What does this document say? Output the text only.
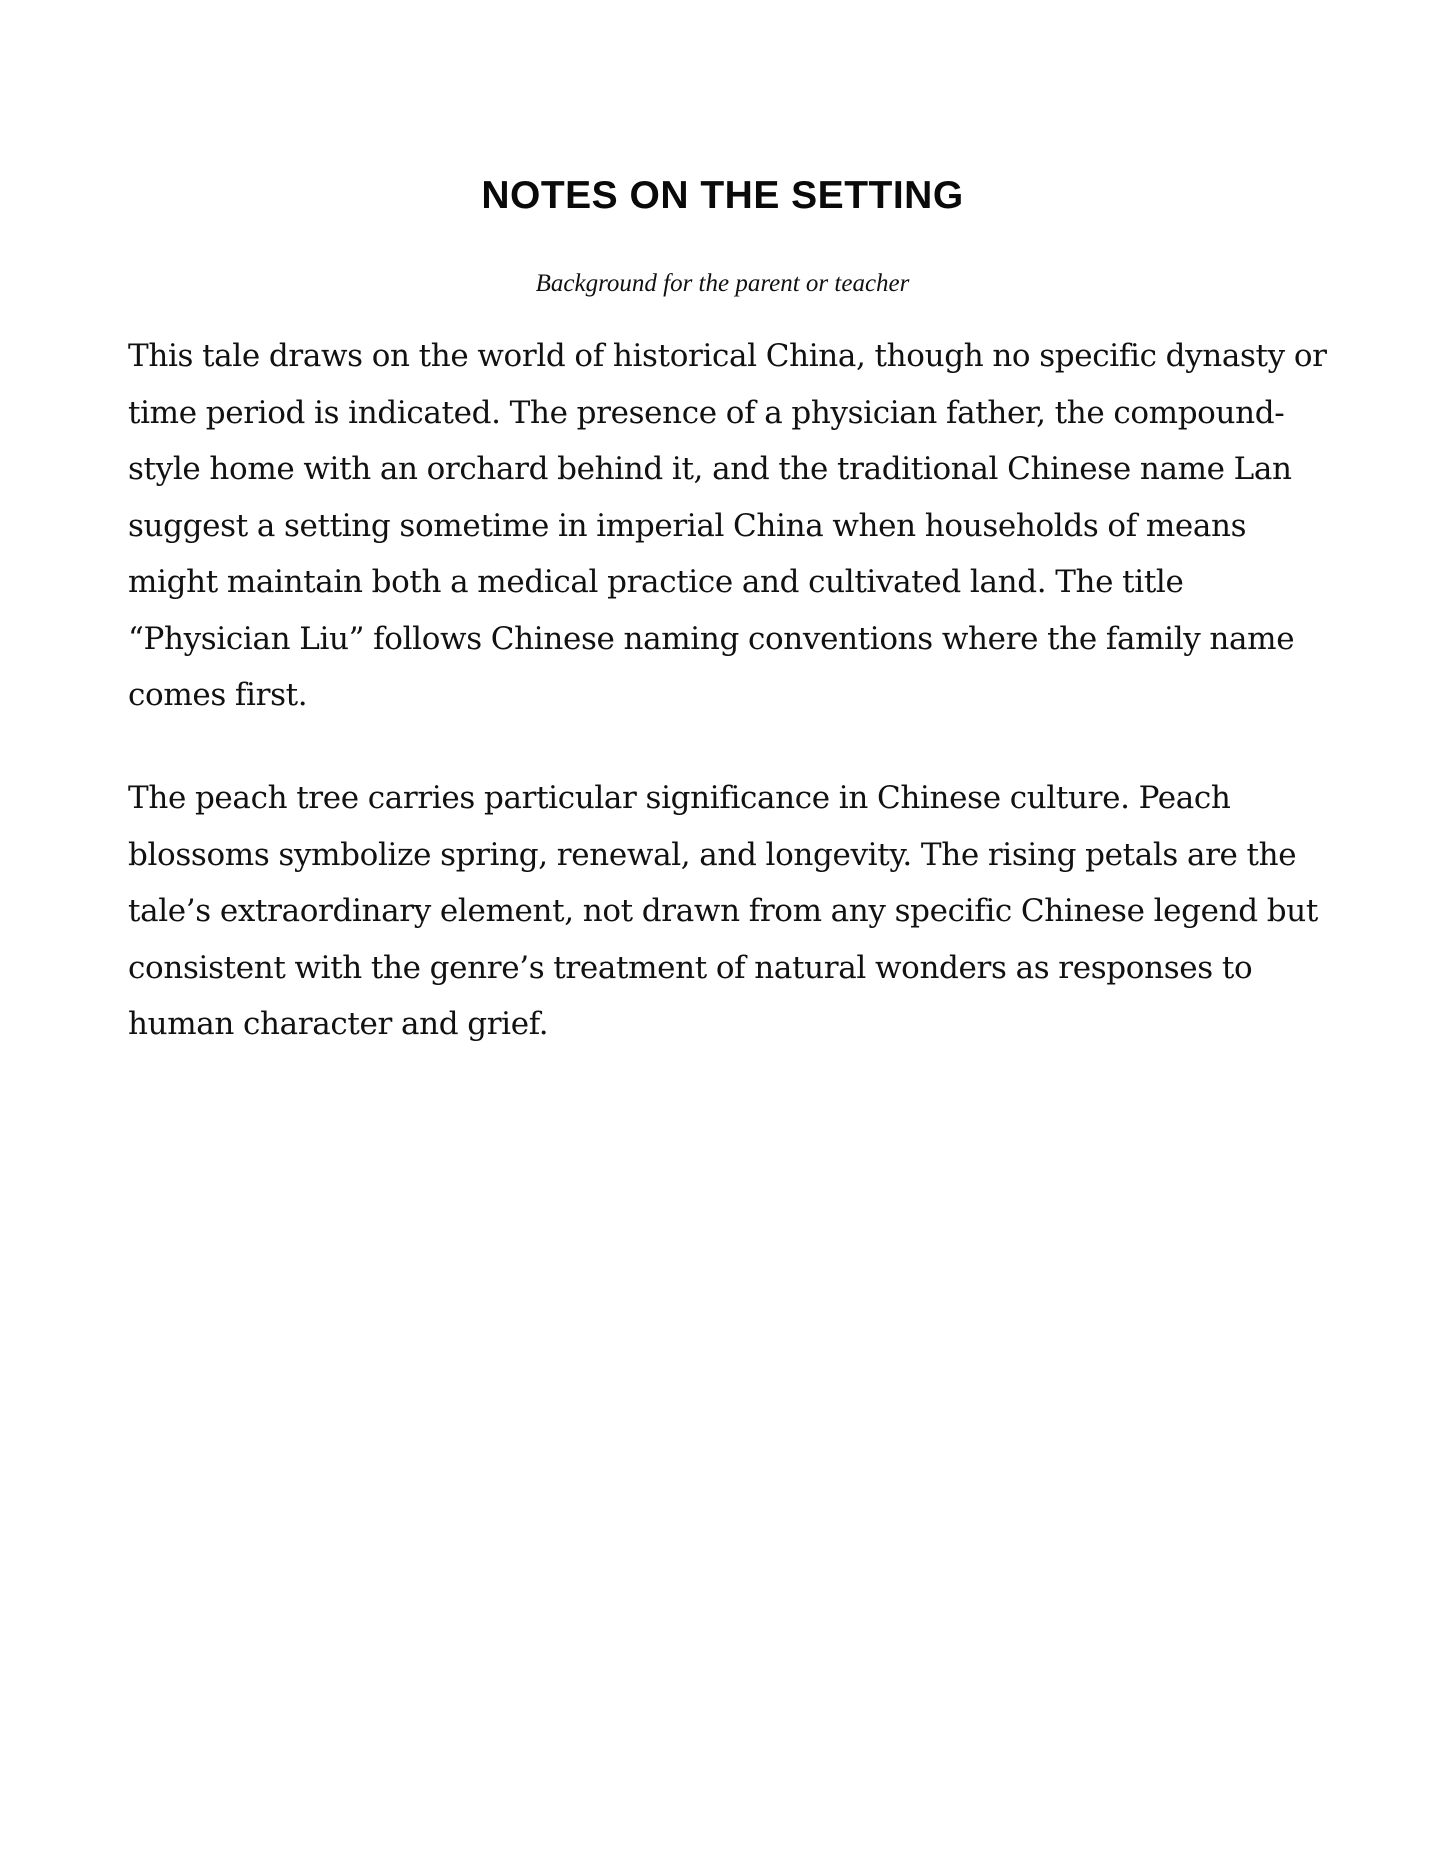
NOTES ON THE SETTING

Background for the parent or teacher

This tale draws on the world of historical China, though no specific dynasty or time period is indicated. The presence of a physician father, the compound-style home with an orchard behind it, and the traditional Chinese name Lan suggest a setting sometime in imperial China when households of means might maintain both a medical practice and cultivated land. The title “Physician Liu” follows Chinese naming conventions where the family name comes first.

The peach tree carries particular significance in Chinese culture. Peach blossoms symbolize spring, renewal, and longevity. The rising petals are the tale’s extraordinary element, not drawn from any specific Chinese legend but consistent with the genre’s treatment of natural wonders as responses to human character and grief.
